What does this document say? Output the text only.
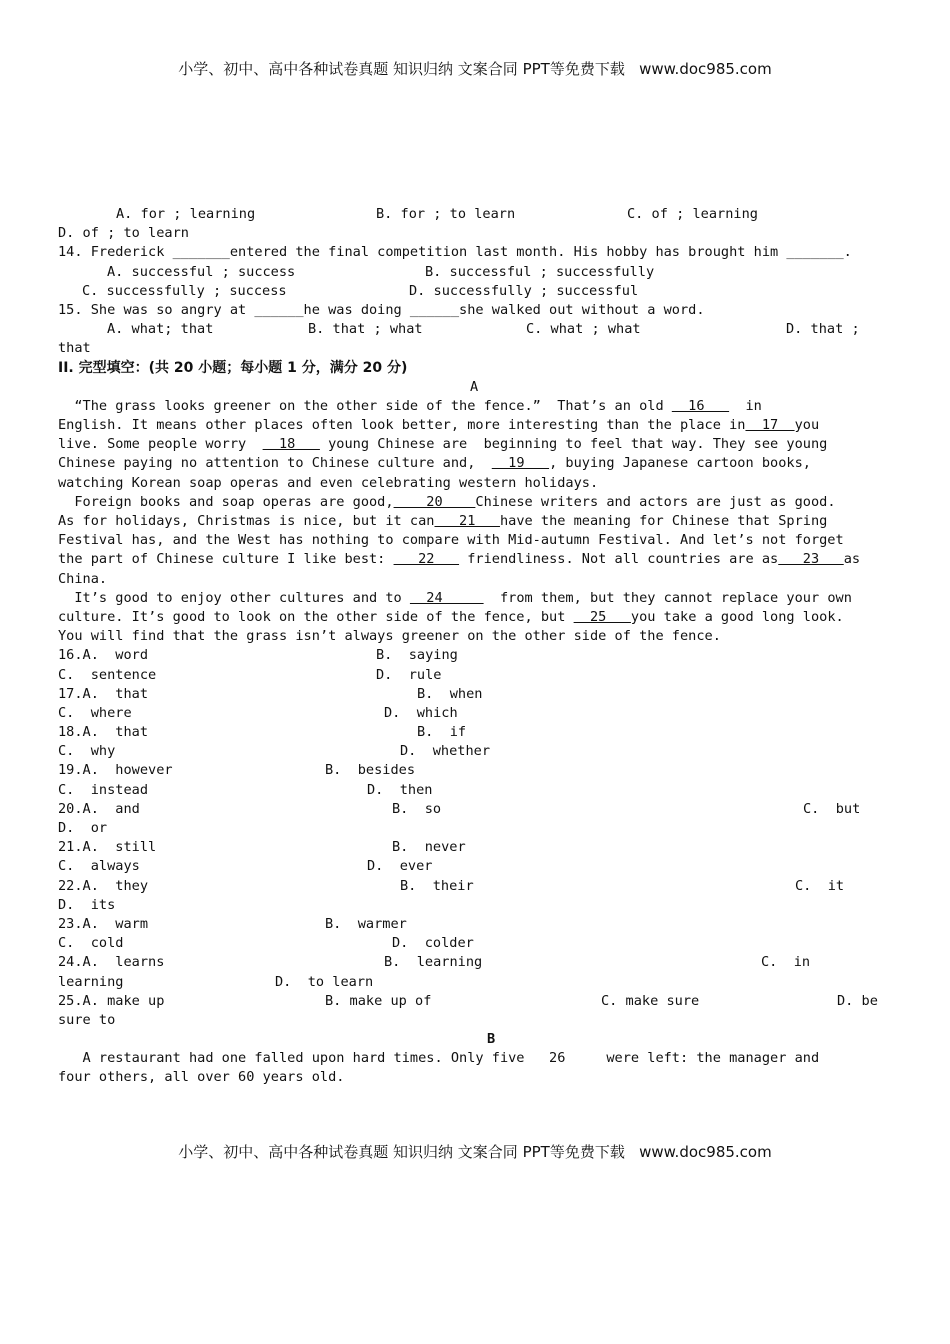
小学、初中、高中各种试卷真题 知识归纳 文案合同 PPT等免费下载   www.doc985.com

A. for ; learning

	B. for ; to learn

	C. of ; learning

D. of ; to learn
14. Frederick _______entered the final competition last month. His hobby has brought him _______.

A. successful ; success

	B. successful ; successfully

C. successfully ; success

	D. successfully ; successful

15. She was so angry at ______he was doing ______she walked out without a word.

A. what; that

	B. that ; what

	C. what ; what

	D. that ;

that
II. 完型填空：(共 20 小题；每小题 1 分，满分 20 分)
A
“The grass looks greener on the other side of the fence.”  That’s an old   16     in
English. It means other places often look better, more interesting than the place in  17  you
live. Some people worry    18    young Chinese are  beginning to feel that way. They see young
Chinese paying no attention to Chinese culture and,    19   , buying Japanese cartoon books,
watching Korean soap operas and even celebrating western holidays.
Foreign books and soap operas are good,    20    Chinese writers and actors are just as good.
As for holidays, Christmas is nice, but it can   21   have the meaning for Chinese that Spring
Festival has, and the West has nothing to compare with Mid-autumn Festival. And let’s not forget
the part of Chinese culture I like best:    22    friendliness. Not all countries are as   23   as
China.
It’s good to enjoy other cultures and to   24       from them, but they cannot replace your own
culture. It’s good to look on the other side of the fence, but   25   you take a good long look.
You will find that the grass isn’t always greener on the other side of the fence.
16.A.  word	B.  saying
C.  sentence	D.  rule
17.A.  that	B.  when
C.  where	D.  which
18.A.  that	B.  if
C.  why	D.  whether
19.A.  however	B.  besides
C.  instead	D.  then
20.A.  and	B.  so	C.  but
D.  or
21.A.  still	B.  never
C.  always	D.  ever
22.A.  they	B.  their	C.  it
D.  its
23.A.  warm	B.  warmer
C.  cold	D.  colder
24.A.  learns	B.  learning	C.  in
learning	D.  to learn
25.A. make up	B. make up of	C. make sure	D. be
sure to
B
A restaurant had one falled upon hard times. Only five   26     were left: the manager and
four others, all over 60 years old.
小学、初中、高中各种试卷真题 知识归纳 文案合同 PPT等免费下载   www.doc985.com
